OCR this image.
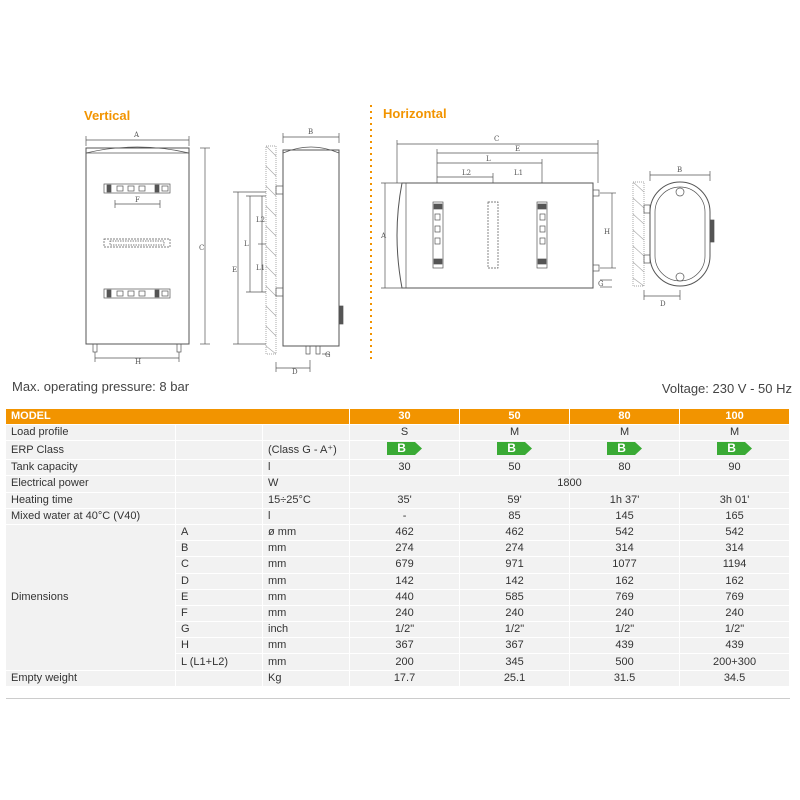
Vertical	Horizontal
A
F
H
C
B
E
L
L2
L1
D
G
C
E
L
L2	L1
A	H
G
B
D
Max. operating pressure: 8 bar	Voltage: 230 V - 50 Hz
MODEL			30	50	80	100
Load profile			S	M	M	M
ERP Class		(Class G - A⁺)	B	B	B	B

Tank capacity		l	30	50	80	90
Electrical power		W	1800			
Heating time		15÷25°C	35'	59'	1h 37'	3h 01'
Mixed water at 40°C (V40)		l	-	85	145	165
Dimensions	A	ø mm	462	462	542	542
	B	mm	274	274	314	314
	C	mm	679	971	1077	1194
	D	mm	142	142	162	162
	E	mm	440	585	769	769
	F	mm	240	240	240	240
	G	inch	1/2"	1/2"	1/2"	1/2"
	H	mm	367	367	439	439
	L (L1+L2)	mm	200	345	500	200+300
Empty weight		Kg	17.7	25.1	31.5	34.5
